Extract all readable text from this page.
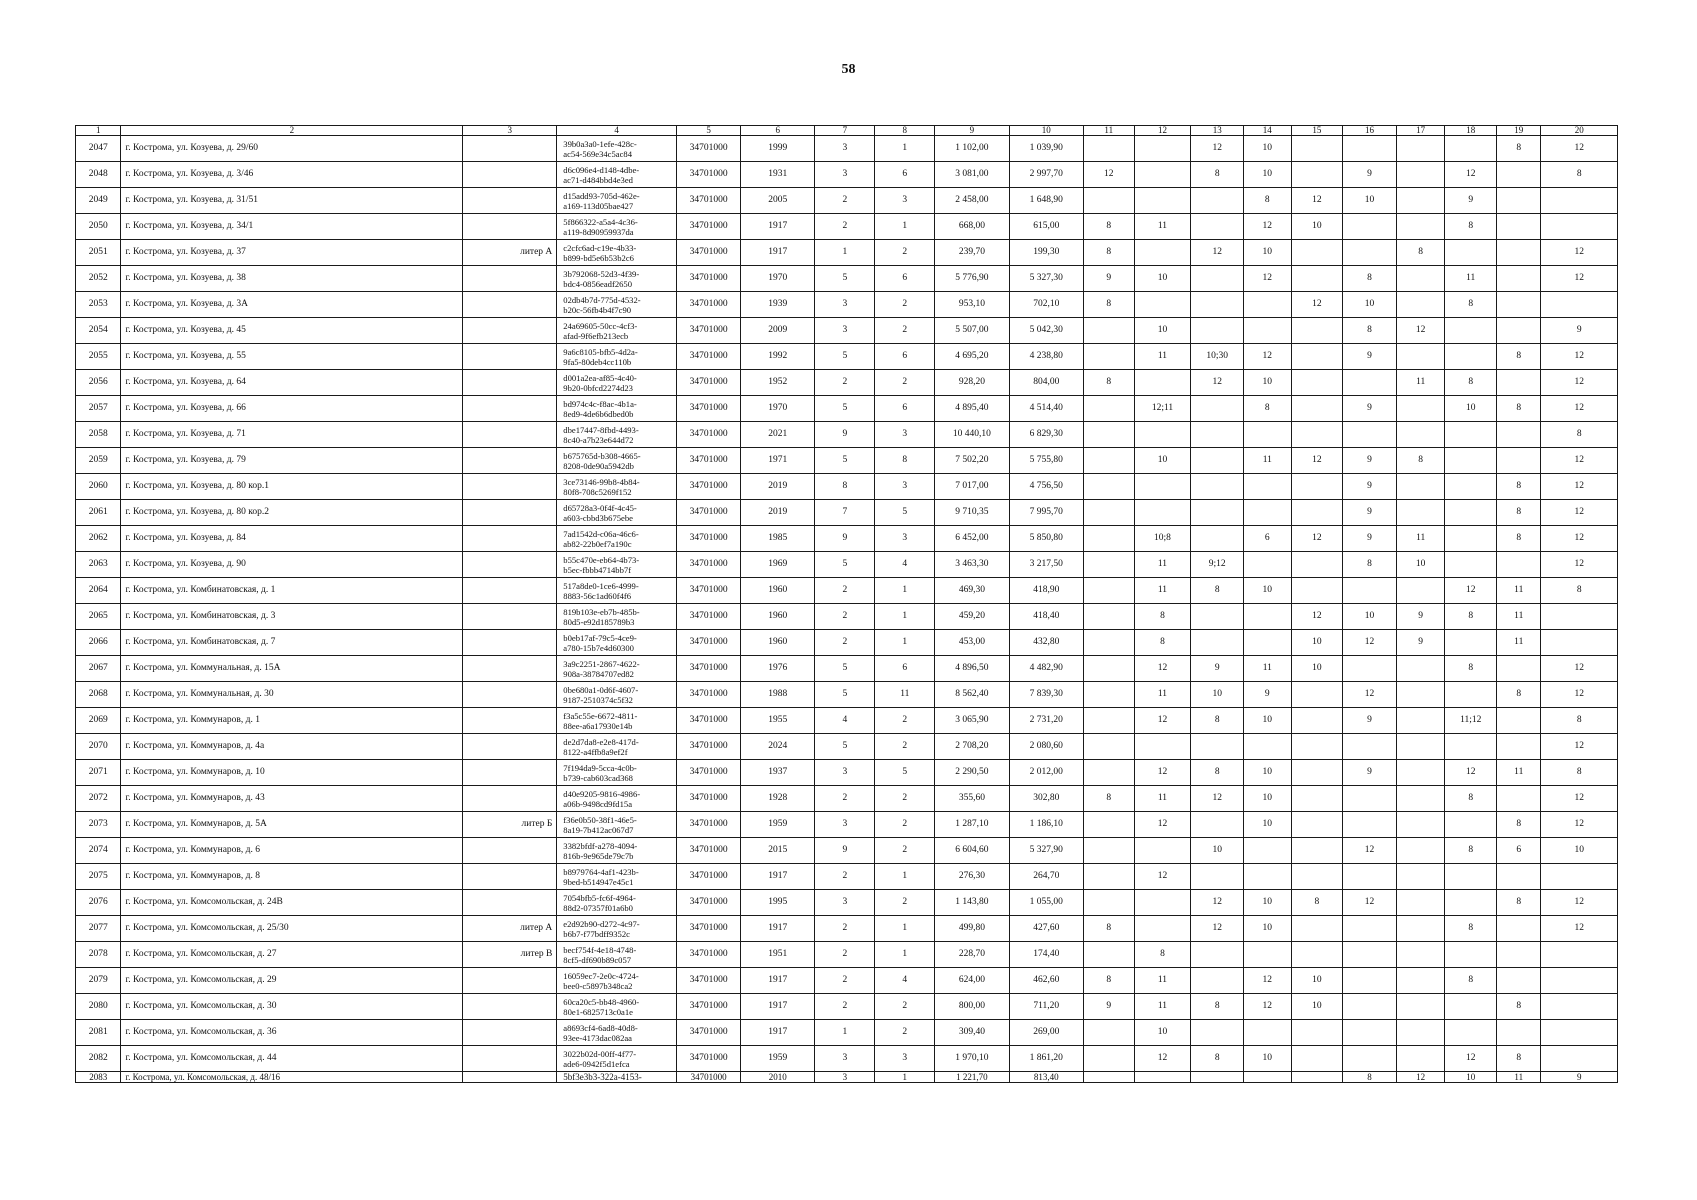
58
1	2	3	4	5	6	7	8	9	10	11	12	13	14	15	16	17	18	19	20
2047	г. Кострома, ул. Козуева, д. 29/60		39b0a3a0-1efe-428c-
ac54-569e34c5ac84	34701000	1999	3	1	1 102,00	1 039,90			12	10					8	12
2048	г. Кострома, ул. Козуева, д. 3/46		d6c096e4-d148-4dbe-
ac71-d484bbd4e3ed	34701000	1931	3	6	3 081,00	2 997,70	12		8	10		9		12		8
2049	г. Кострома, ул. Козуева, д. 31/51		d15add93-705d-462e-
a169-113d05bae427	34701000	2005	2	3	2 458,00	1 648,90				8	12	10		9		
2050	г. Кострома, ул. Козуева, д. 34/1		5f866322-a5a4-4c36-
a119-8d90959937da	34701000	1917	2	1	668,00	615,00	8	11		12	10			8		
2051	г. Кострома, ул. Козуева, д. 37	литер А	c2cfc6ad-c19e-4b33-
b899-bd5e6b53b2c6	34701000	1917	1	2	239,70	199,30	8		12	10			8			12
2052	г. Кострома, ул. Козуева, д. 38		3b792068-52d3-4f39-
bdc4-0856eadf2650	34701000	1970	5	6	5 776,90	5 327,30	9	10		12		8		11		12
2053	г. Кострома, ул. Козуева, д. 3А		02db4b7d-775d-4532-
b20c-56fb4b4f7c90	34701000	1939	3	2	953,10	702,10	8				12	10		8		
2054	г. Кострома, ул. Козуева, д. 45		24a69605-50cc-4cf3-
afad-9f6efb213ecb	34701000	2009	3	2	5 507,00	5 042,30		10				8	12			9
2055	г. Кострома, ул. Козуева, д. 55		9a6c8105-bfb5-4d2a-
9fa5-80deb4cc110b	34701000	1992	5	6	4 695,20	4 238,80		11	10;30	12		9			8	12
2056	г. Кострома, ул. Козуева, д. 64		d001a2ea-af85-4c40-
9b20-0bfcd2274d23	34701000	1952	2	2	928,20	804,00	8		12	10			11	8		12
2057	г. Кострома, ул. Козуева, д. 66		bd974c4c-f8ac-4b1a-
8ed9-4de6b6dbed0b	34701000	1970	5	6	4 895,40	4 514,40		12;11		8		9		10	8	12
2058	г. Кострома, ул. Козуева, д. 71		dbe17447-8fbd-4493-
8c40-a7b23e644d72	34701000	2021	9	3	10 440,10	6 829,30										8
2059	г. Кострома, ул. Козуева, д. 79		b675765d-b308-4665-
8208-0de90a5942db	34701000	1971	5	8	7 502,20	5 755,80		10		11	12	9	8			12
2060	г. Кострома, ул. Козуева, д. 80 кор.1		3ce73146-99b8-4b84-
80f8-708c5269f152	34701000	2019	8	3	7 017,00	4 756,50						9			8	12
2061	г. Кострома, ул. Козуева, д. 80 кор.2		d65728a3-0f4f-4c45-
a603-cbbd3b675ebe	34701000	2019	7	5	9 710,35	7 995,70						9			8	12
2062	г. Кострома, ул. Козуева, д. 84		7ad1542d-c06a-46c6-
ab82-22b0ef7a190c	34701000	1985	9	3	6 452,00	5 850,80		10;8		6	12	9	11		8	12
2063	г. Кострома, ул. Козуева, д. 90		b55c470e-eb64-4b73-
b5ec-fbbb4714bb7f	34701000	1969	5	4	3 463,30	3 217,50		11	9;12			8	10			12
2064	г. Кострома, ул. Комбинатовская, д. 1		517a8de0-1ce6-4999-
8883-56c1ad60f4f6	34701000	1960	2	1	469,30	418,90		11	8	10				12	11	8
2065	г. Кострома, ул. Комбинатовская, д. 3		819b103e-eb7b-485b-
80d5-e92d185789b3	34701000	1960	2	1	459,20	418,40		8			12	10	9	8	11	
2066	г. Кострома, ул. Комбинатовская, д. 7		b0eb17af-79c5-4ce9-
a780-15b7e4d60300	34701000	1960	2	1	453,00	432,80		8			10	12	9		11	
2067	г. Кострома, ул. Коммунальная, д. 15А		3a9c2251-2867-4622-
908a-38784707ed82	34701000	1976	5	6	4 896,50	4 482,90		12	9	11	10			8		12
2068	г. Кострома, ул. Коммунальная, д. 30		0be680a1-0d6f-4607-
9187-2510374c5f32	34701000	1988	5	11	8 562,40	7 839,30		11	10	9		12			8	12
2069	г. Кострома, ул. Коммунаров, д. 1		f3a5c55e-6672-4811-
88ee-a6a17930e14b	34701000	1955	4	2	3 065,90	2 731,20		12	8	10		9		11;12		8
2070	г. Кострома, ул. Коммунаров, д. 4а		de2d7da8-e2e8-417d-
8122-a4ffb8a9ef2f	34701000	2024	5	2	2 708,20	2 080,60										12
2071	г. Кострома, ул. Коммунаров, д. 10		7f194da9-5cca-4c0b-
b739-cab603cad368	34701000	1937	3	5	2 290,50	2 012,00		12	8	10		9		12	11	8
2072	г. Кострома, ул. Коммунаров, д. 43		d40e9205-9816-4986-
a06b-9498cd9fd15a	34701000	1928	2	2	355,60	302,80	8	11	12	10				8		12
2073	г. Кострома, ул. Коммунаров, д. 5А	литер Б	f36e0b50-38f1-46e5-
8a19-7b412ac067d7	34701000	1959	3	2	1 287,10	1 186,10		12		10					8	12
2074	г. Кострома, ул. Коммунаров, д. 6		3382bfdf-a278-4094-
816b-9e965de79c7b	34701000	2015	9	2	6 604,60	5 327,90			10			12		8	6	10
2075	г. Кострома, ул. Коммунаров, д. 8		b8979764-4af1-423b-
9bed-b514947e45c1	34701000	1917	2	1	276,30	264,70		12								
2076	г. Кострома, ул. Комсомольская, д. 24В		7054bfb5-fc6f-4964-
88d2-07357f01a6b0	34701000	1995	3	2	1 143,80	1 055,00			12	10	8	12			8	12
2077	г. Кострома, ул. Комсомольская, д. 25/30	литер А	e2d92b90-d272-4c97-
b6b7-f77bdff9352c	34701000	1917	2	1	499,80	427,60	8		12	10				8		12
2078	г. Кострома, ул. Комсомольская, д. 27	литер В	becf754f-4e18-4748-
8cf5-df690b89c057	34701000	1951	2	1	228,70	174,40		8								
2079	г. Кострома, ул. Комсомольская, д. 29		16059ec7-2e0c-4724-
bee0-c5897b348ca2	34701000	1917	2	4	624,00	462,60	8	11		12	10			8		
2080	г. Кострома, ул. Комсомольская, д. 30		60ca20c5-bb48-4960-
80e1-6825713c0a1e	34701000	1917	2	2	800,00	711,20	9	11	8	12	10				8	
2081	г. Кострома, ул. Комсомольская, д. 36		a8693cf4-6ad8-40d8-
93ee-4173dac082aa	34701000	1917	1	2	309,40	269,00		10								
2082	г. Кострома, ул. Комсомольская, д. 44		3022b02d-00ff-4f77-
ade6-0942f5d1efca	34701000	1959	3	3	1 970,10	1 861,20		12	8	10				12	8	
2083	г. Кострома, ул. Комсомольская, д. 48/16		5bf3e3b3-322a-4153-	34701000	2010	3	1	1 221,70	813,40						8	12	10	11	9
